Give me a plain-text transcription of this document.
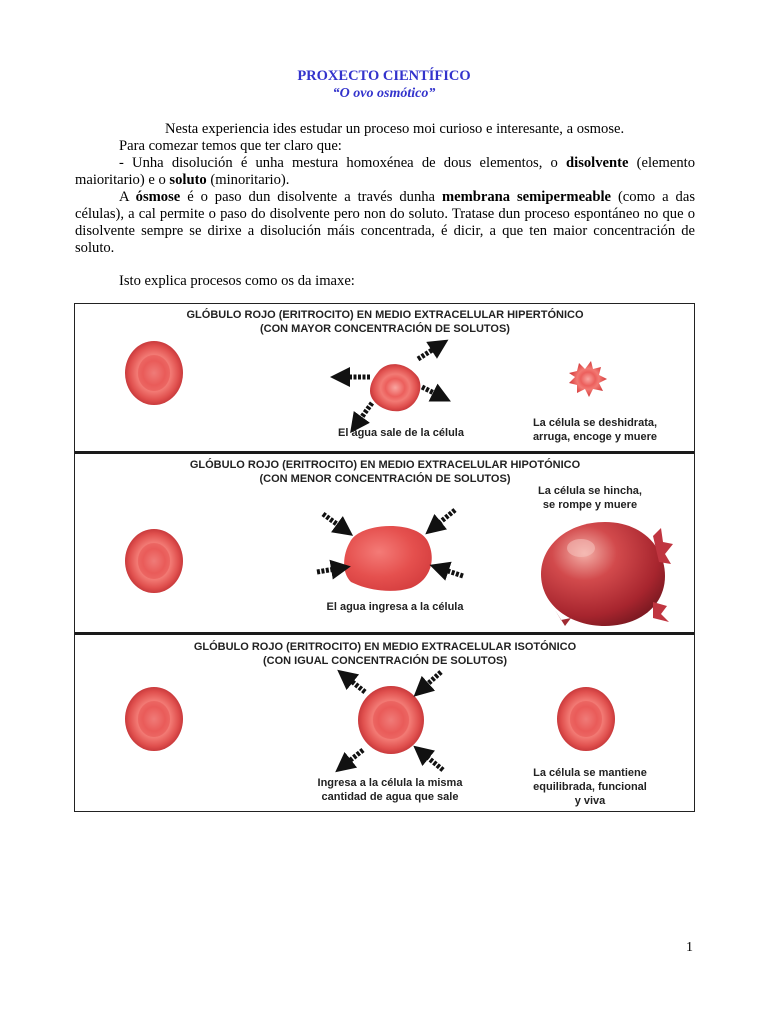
PROXECTO CIENTÍFICO
“O ovo osmótico”
Nesta experiencia ides estudar un proceso moi curioso e interesante, a osmose.
Para comezar temos que ter claro que:
- Unha disolución é unha mestura homoxénea de dous elementos, o disolvente (elemento maioritario) e o soluto (minoritario).
A ósmose é o paso dun disolvente a través dunha membrana semipermeable (como a das células), a cal permite o paso do disolvente pero non do soluto. Tratase dun proceso espontáneo no que o disolvente sempre se dirixe a disolución máis concentrada, é dicir, a que ten maior concentración de soluto.
Isto explica procesos como os da imaxe:
GLÓBULO ROJO (ERITROCITO) EN MEDIO EXTRACELULAR HIPERTÓNICO
(CON MAYOR CONCENTRACIÓN DE SOLUTOS)
El agua sale de la célula
La célula se deshidrata,
arruga, encoge y muere
GLÓBULO ROJO (ERITROCITO) EN MEDIO EXTRACELULAR HIPOTÓNICO
(CON MENOR CONCENTRACIÓN DE SOLUTOS)
El agua ingresa a la célula
La célula se hincha,
se rompe y muere
GLÓBULO ROJO (ERITROCITO) EN MEDIO EXTRACELULAR ISOTÓNICO
(CON IGUAL CONCENTRACIÓN DE SOLUTOS)
Ingresa a la célula la misma
cantidad de agua que sale
La célula se mantiene
equilibrada, funcional
y viva
1
